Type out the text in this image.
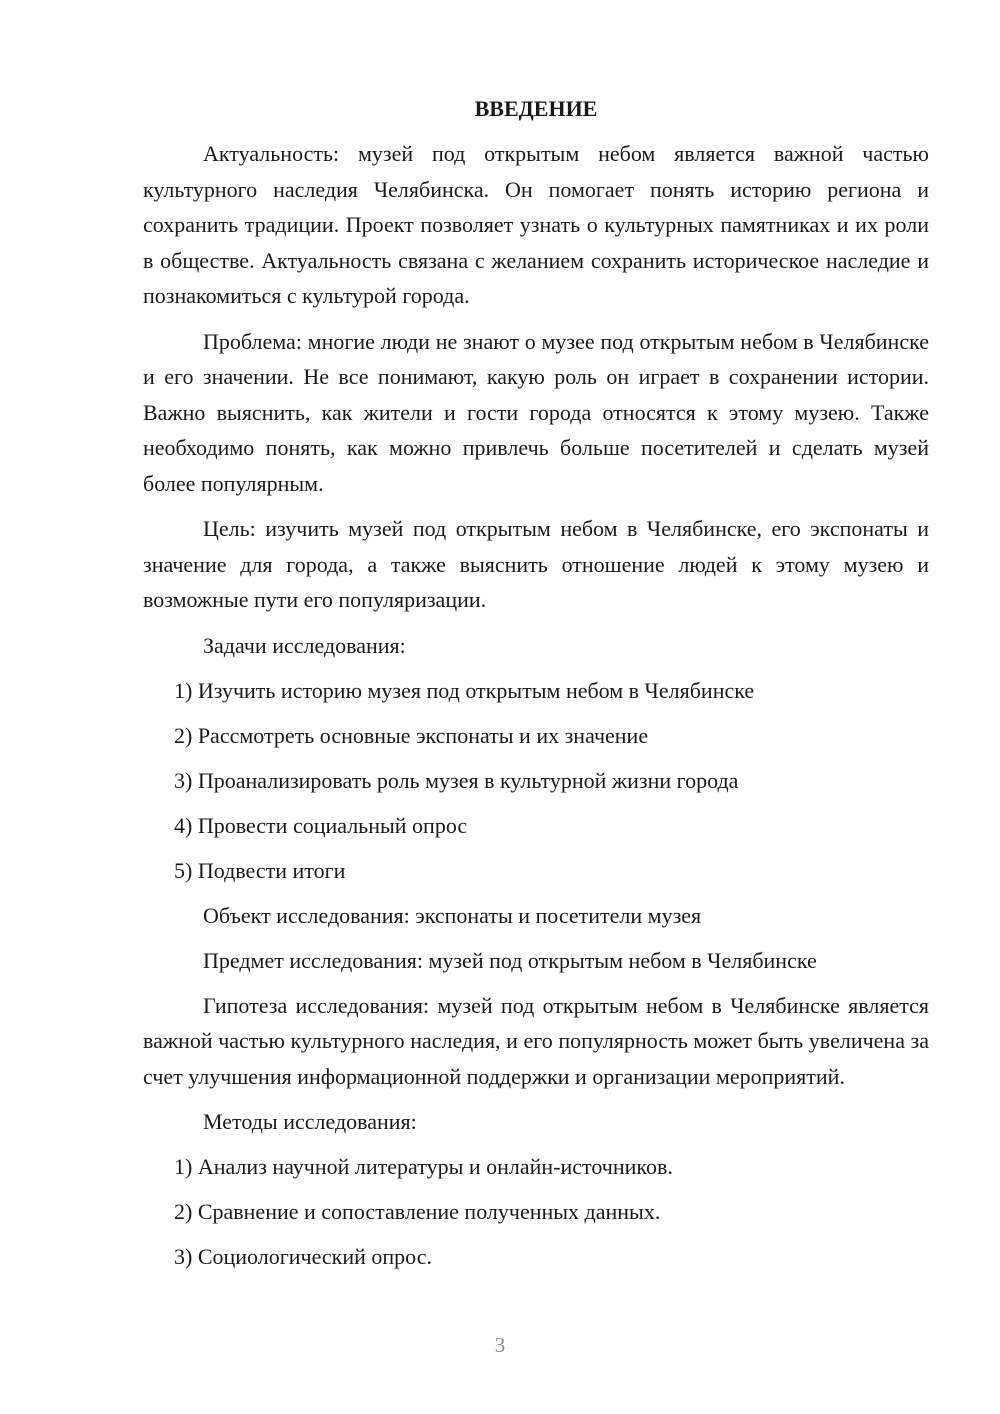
ВВЕДЕНИЕ

Актуальность: музей под открытым небом является важной частью культурного наследия Челябинска. Он помогает понять историю региона и сохранить традиции. Проект позволяет узнать о культурных памятниках и их роли в обществе. Актуальность связана с желанием сохранить историческое наследие и познакомиться с культурой города.

Проблема: многие люди не знают о музее под открытым небом в Челябинске и его значении. Не все понимают, какую роль он играет в сохранении истории. Важно выяснить, как жители и гости города относятся к этому музею. Также необходимо понять, как можно привлечь больше посетителей и сделать музей более популярным.

Цель: изучить музей под открытым небом в Челябинске, его экспонаты и значение для города, а также выяснить отношение людей к этому музею и возможные пути его популяризации.

Задачи исследования:

1) Изучить историю музея под открытым небом в Челябинске

2) Рассмотреть основные экспонаты и их значение

3) Проанализировать роль музея в культурной жизни города

4) Провести социальный опрос

5) Подвести итоги

Объект исследования: экспонаты и посетители музея

Предмет исследования: музей под открытым небом в Челябинске

Гипотеза исследования: музей под открытым небом в Челябинске является важной частью культурного наследия, и его популярность может быть увеличена за счет улучшения информационной поддержки и организации мероприятий.

Методы исследования:

1) Анализ научной литературы и онлайн-источников.

2) Сравнение и сопоставление полученных данных.

3) Социологический опрос.

3
